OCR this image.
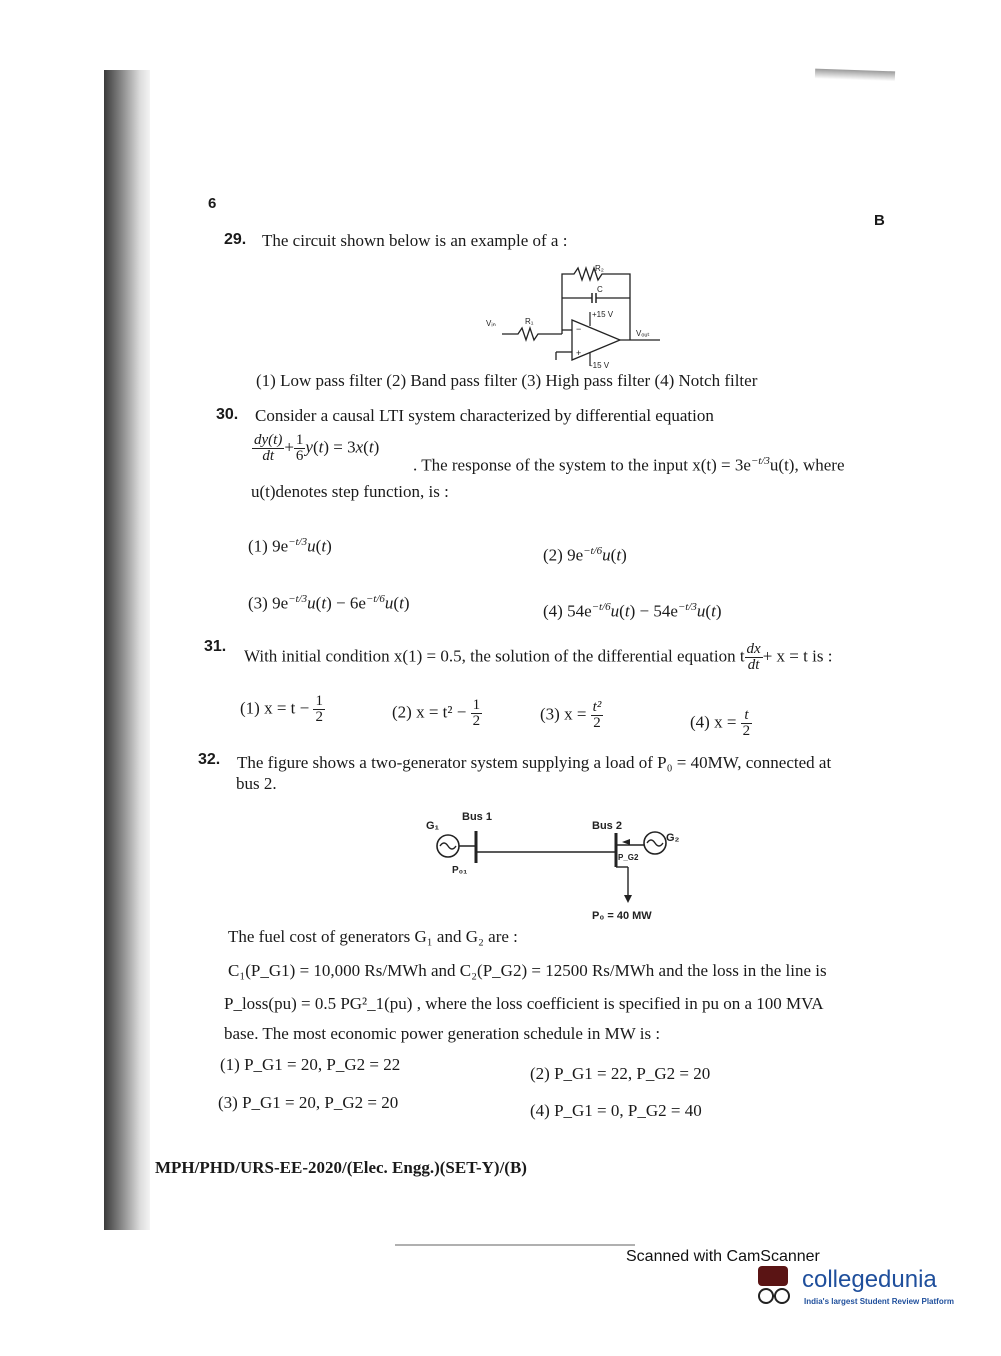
6
B
29. The circuit shown below is an example of a :
R₂
C
+15 V
Vᵢₙ	R₁
Vₒᵤₜ
-15 V
−
+
(1) Low pass filter (2) Band pass filter (3) High pass filter (4) Notch filter
30. Consider a causal LTI system characterized by differential equation
$\frac{dy(t)}{dt} + \frac{1}{6} y(t) = 3x(t)$
. The response of the system to the input $x(t) = 3e^{-t/3}u(t)$, where
u(t)denotes step function, is :
(1) $9e^{-t/3}u(t)$	(2) $9e^{-t/6}u(t)$
(3) $9e^{-t/3}u(t) - 6e^{-t/6}u(t)$	(4) $54e^{-t/6}u(t) - 54e^{-t/3}u(t)$
31. With initial condition x(1) = 0.5, the solution of the differential equation t $\frac{dx}{dt} + x = t$ is :
(1) $x = t - \frac{1}{2}$	(2) $x = t^2 - \frac{1}{2}$	(3) $x = \frac{\text{t²}}{2}$	(4) $x = \frac{t}{2}$
32. The figure shows a two-generator system supplying a load of P₀ = 40MW, connected at
bus 2.
G₁
Bus 1
P₀₁
Bus 2
G₂
P_G2
P₀ = 40 MW
The fuel cost of generators G₁ and G₂ are :
C₁(P_G1) = 10,000 Rs/MWh and C₂(P_G2) = 12500 Rs/MWh and the loss in the line is
P_loss(pu) = 0.5 PG²_1(pu) , where the loss coefficient is specified in pu on a 100 MVA
base. The most economic power generation schedule in MW is :
(1) P_G1 = 20, P_G2 = 22	(2) P_G1 = 22, P_G2 = 20
(3) P_G1 = 20, P_G2 = 20	(4) P_G1 = 0, P_G2 = 40
MPH/PHD/URS-EE-2020/(Elec. Engg.)(SET-Y)/(B)
Scanned with CamScanner
collegedunia
India's largest Student Review Platform
